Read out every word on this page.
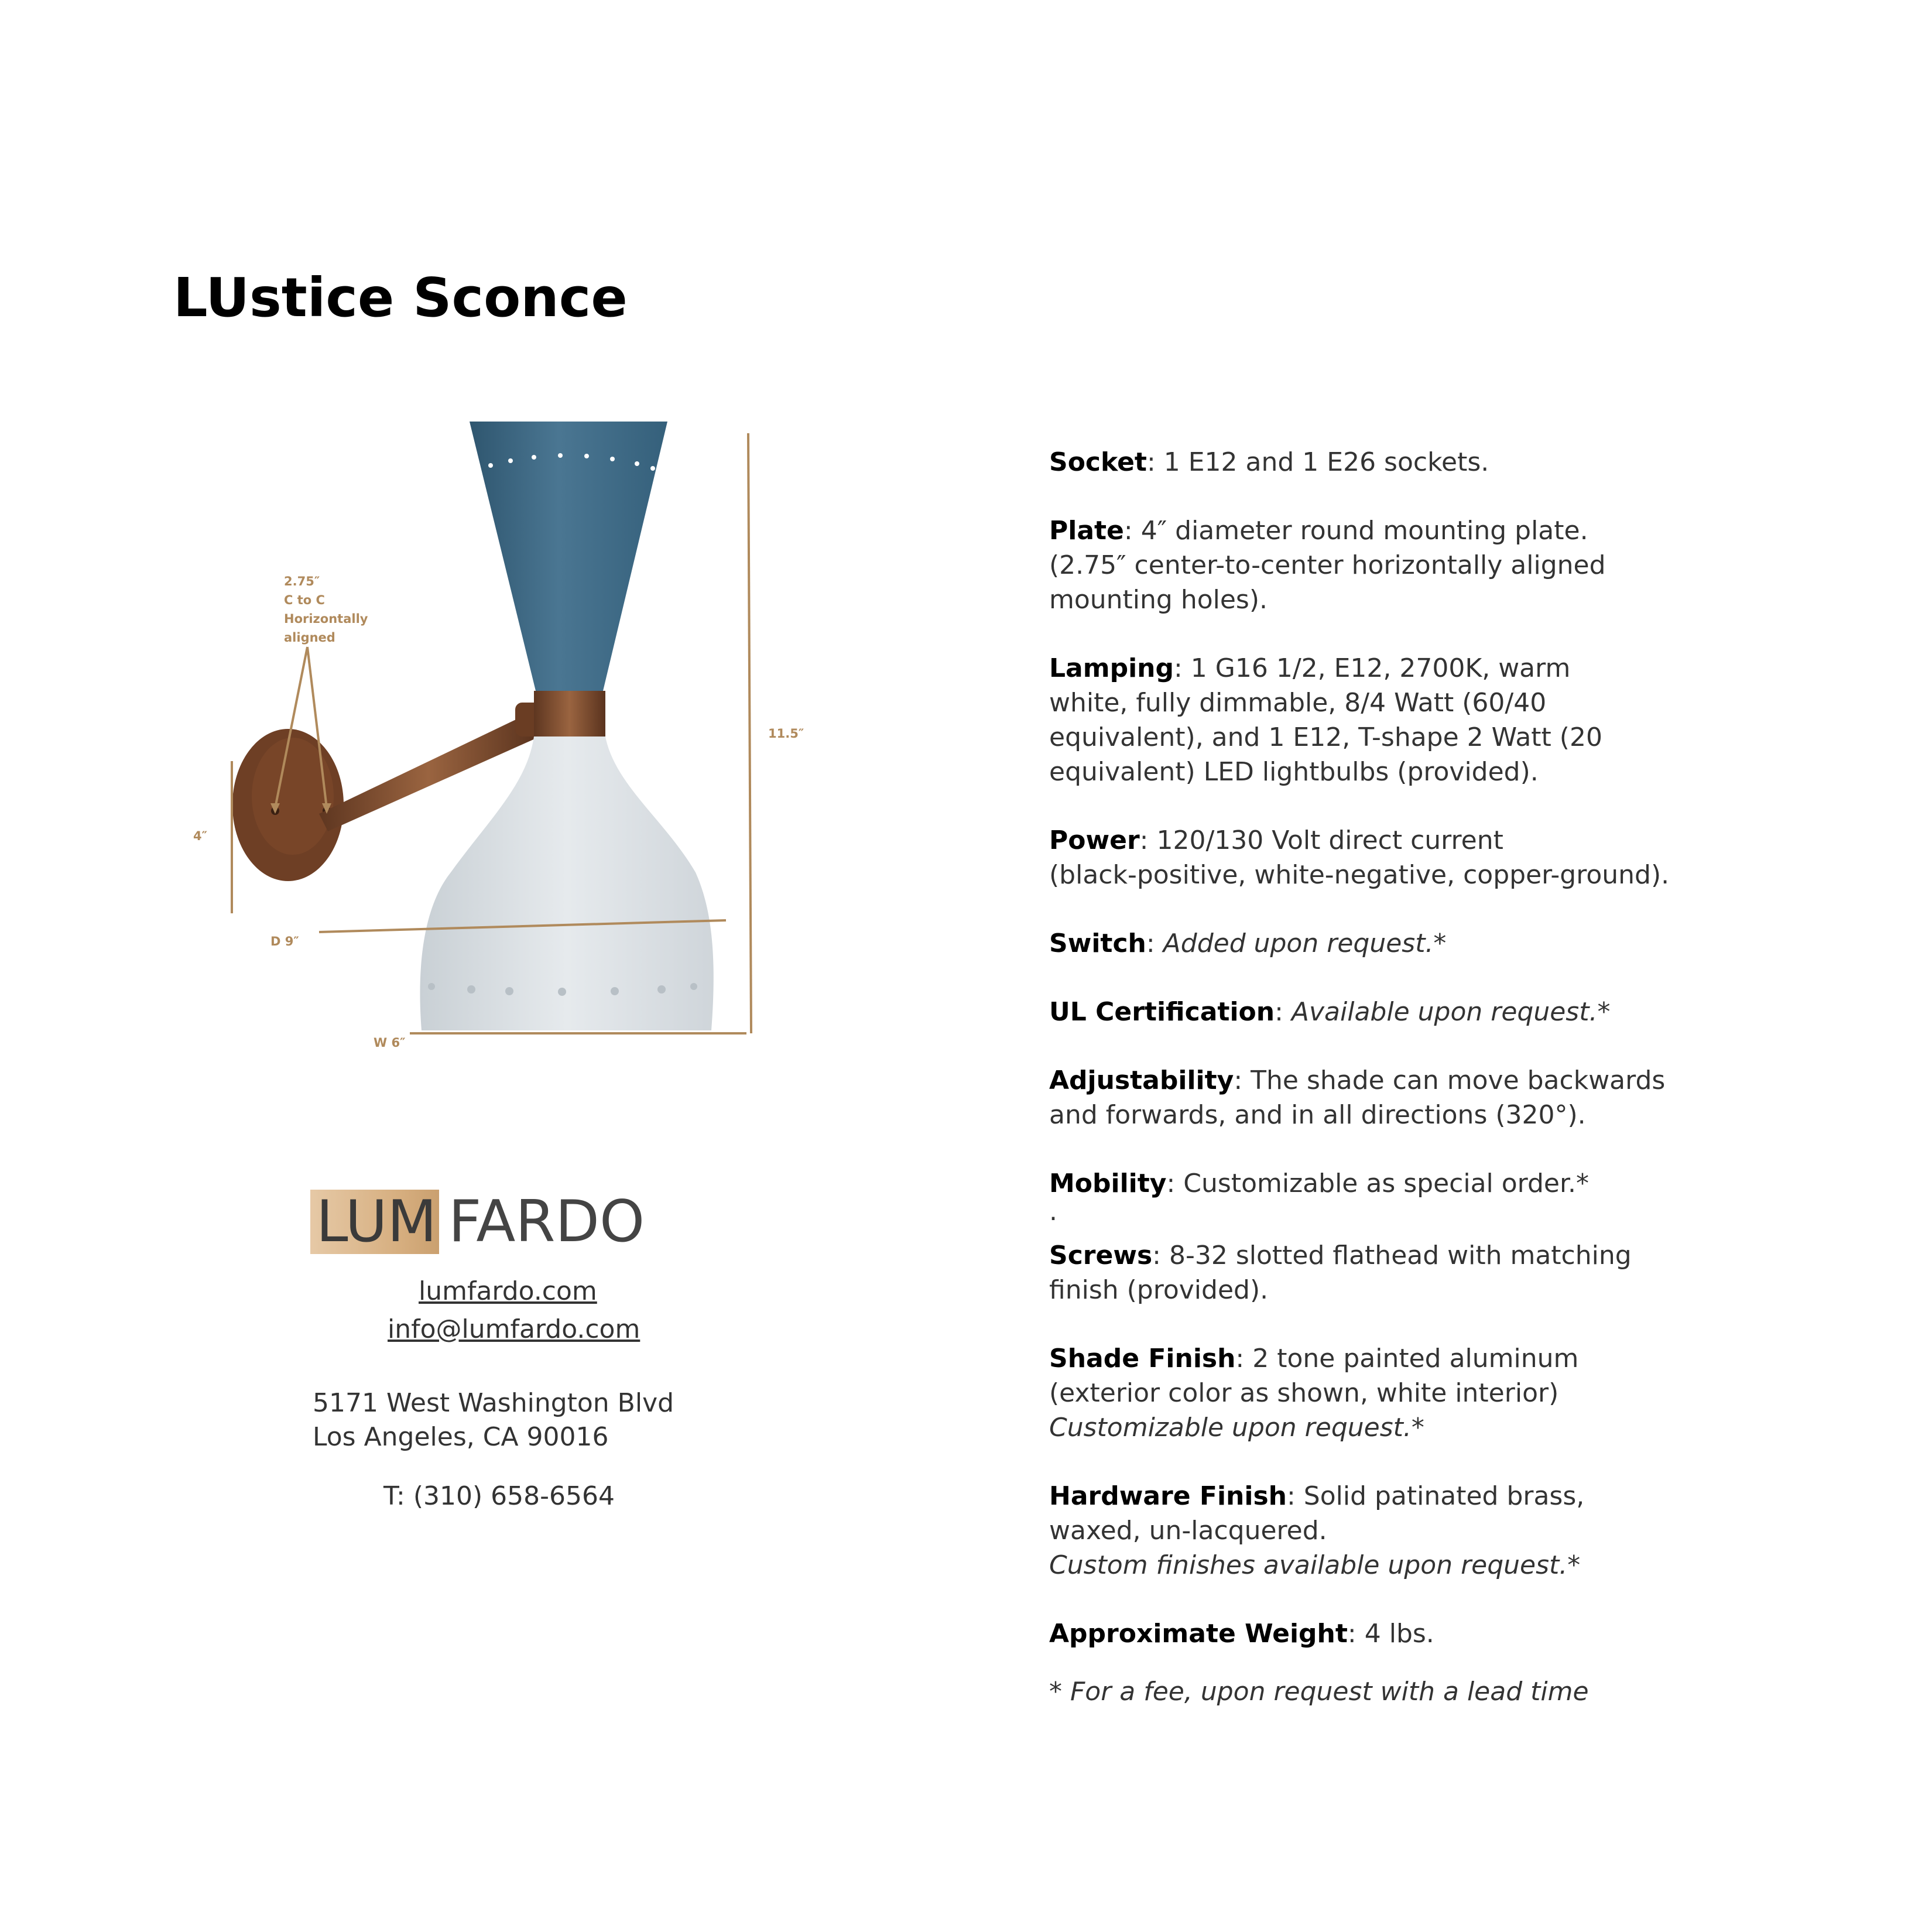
LUstice Sconce
2.75″
C to C
Horizontally
aligned
11.5″
4″
D 9″
W 6″
LUM FARDO
lumfardo.com
info@lumfardo.com
5171 West Washington Blvd
Los Angeles, CA 90016
T: (310) 658-6564
Socket: 1 E12 and 1 E26 sockets.
Plate: 4″ diameter round mounting plate.
(2.75″ center-to-center horizontally aligned
mounting holes).
Lamping: 1 G16 1/2, E12, 2700K, warm
white, fully dimmable, 8/4 Watt (60/40
equivalent), and 1 E12, T-shape 2 Watt (20
equivalent) LED lightbulbs (provided).
Power: 120/130 Volt direct current
(black-positive, white-negative, copper-ground).
Switch: Added upon request.*
UL Certification: Available upon request.*
Adjustability: The shade can move backwards
and forwards, and in all directions (320°).
Mobility: Customizable as special order.*
.
Screws: 8-32 slotted flathead with matching
finish (provided).
Shade Finish: 2 tone painted aluminum
(exterior color as shown, white interior)
Customizable upon request.*
Hardware Finish: Solid patinated brass,
waxed, un-lacquered.
Custom finishes available upon request.*
Approximate Weight: 4 lbs.
* For a fee, upon request with a lead time
